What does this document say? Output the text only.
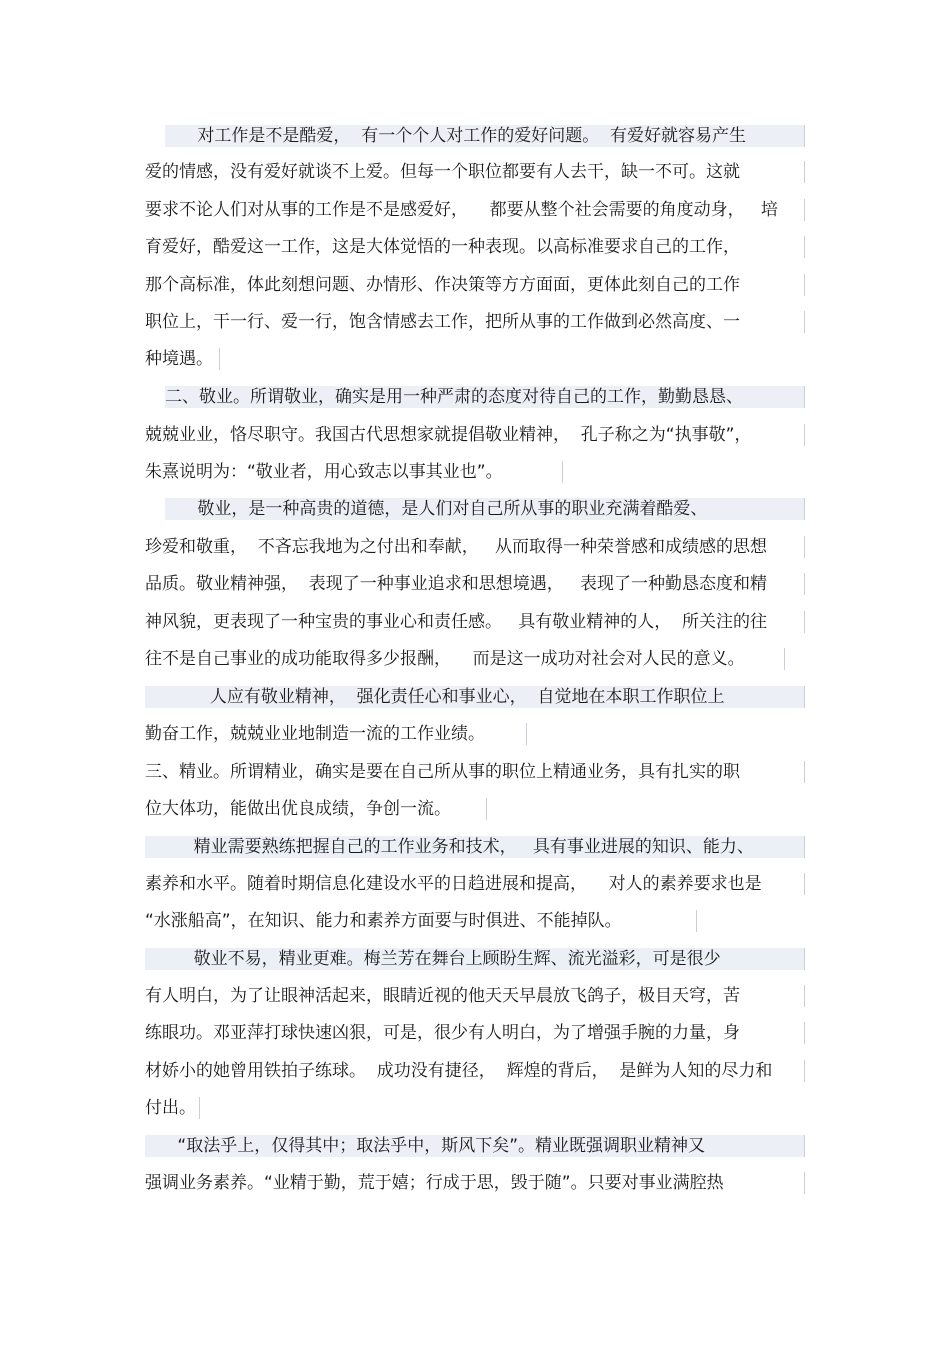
对工作是不是酷爱，  有一个个人对工作的爱好问题。  有爱好就容易产生
爱的情感，没有爱好就谈不上爱。但每一个职位都要有人去干，缺一不可。这就
要求不论人们对从事的工作是不是感爱好，    都要从整个社会需要的角度动身，   培
育爱好，酷爱这一工作，这是大体觉悟的一种表现。以高标准要求自己的工作，
那个高标准，体此刻想问题、办情形、作决策等方方面面，更体此刻自己的工作
职位上，干一行、爱一行，饱含情感去工作，把所从事的工作做到必然高度、一
种境遇。
二、敬业。所谓敬业，确实是用一种严肃的态度对待自己的工作，勤勤恳恳、
兢兢业业，恪尽职守。我国古代思想家就提倡敬业精神，  孔子称之为“执事敬”，
朱熹说明为：“敬业者，用心致志以事其业也”。
敬业，是一种高贵的道德，是人们对自己所从事的职业充满着酷爱、
珍爱和敬重，  不吝忘我地为之付出和奉献，   从而取得一种荣誉感和成绩感的思想
品质。敬业精神强，  表现了一种事业追求和思想境遇，   表现了一种勤恳态度和精
神风貌，更表现了一种宝贵的事业心和责任感。   具有敬业精神的人，  所关注的往
往不是自己事业的成功能取得多少报酬，    而是这一成功对社会对人民的意义。
人应有敬业精神，  强化责任心和事业心，  自觉地在本职工作职位上
勤奋工作，兢兢业业地制造一流的工作业绩。
三、精业。所谓精业，确实是要在自己所从事的职位上精通业务，具有扎实的职
位大体功，能做出优良成绩，争创一流。
精业需要熟练把握自己的工作业务和技术，   具有事业进展的知识、能力、
素养和水平。随着时期信息化建设水平的日趋进展和提高，    对人的素养要求也是
“水涨船高”，在知识、能力和素养方面要与时俱进、不能掉队。
敬业不易，精业更难。梅兰芳在舞台上顾盼生辉、流光溢彩，可是很少
有人明白，为了让眼神活起来，眼睛近视的他天天早晨放飞鸽子，极目天穹，苦
练眼功。邓亚萍打球快速凶狠，可是，很少有人明白，为了增强手腕的力量，身
材娇小的她曾用铁拍子练球。  成功没有捷径，  辉煌的背后，  是鲜为人知的尽力和
付出。
“取法乎上，仅得其中；取法乎中，斯风下矣”。精业既强调职业精神又
强调业务素养。“业精于勤，荒于嬉；行成于思，毁于随”。只要对事业满腔热
